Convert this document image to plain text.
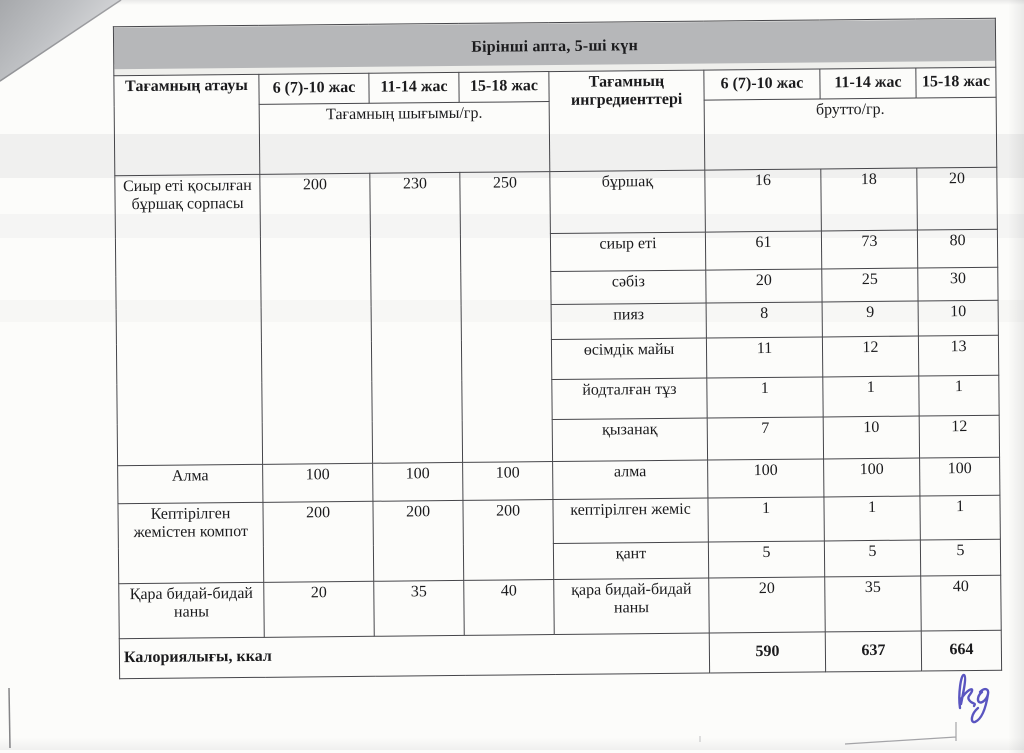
Бірінші апта, 5-ші күн							
Тағамның атауы	6 (7)-10 жас	11-14 жас	15-18 жас	Тағамның ингредиенттері	6 (7)-10 жас	11-14 жас	15-18 жас
	Тағамның шығымы/гр.				брутто/гр.		
Сиыр еті қосылған бұршақ сорпасы	200	230	250	бұршақ	16	18	20
				сиыр еті	61	73	80
				сәбіз	20	25	30
				пияз	8	9	10
				өсімдік майы	11	12	13
				йодталған тұз	1	1	1
				қызанақ	7	10	12
Алма	100	100	100	алма	100	100	100
Кептірілген жемістен компот	200	200	200	кептірілген жеміс	1	1	1
				қант	5	5	5
Қара бидай-бидай наны	20	35	40	қара бидай-бидай наны	20	35	40
Калориялығы, ккал					590	637	664
